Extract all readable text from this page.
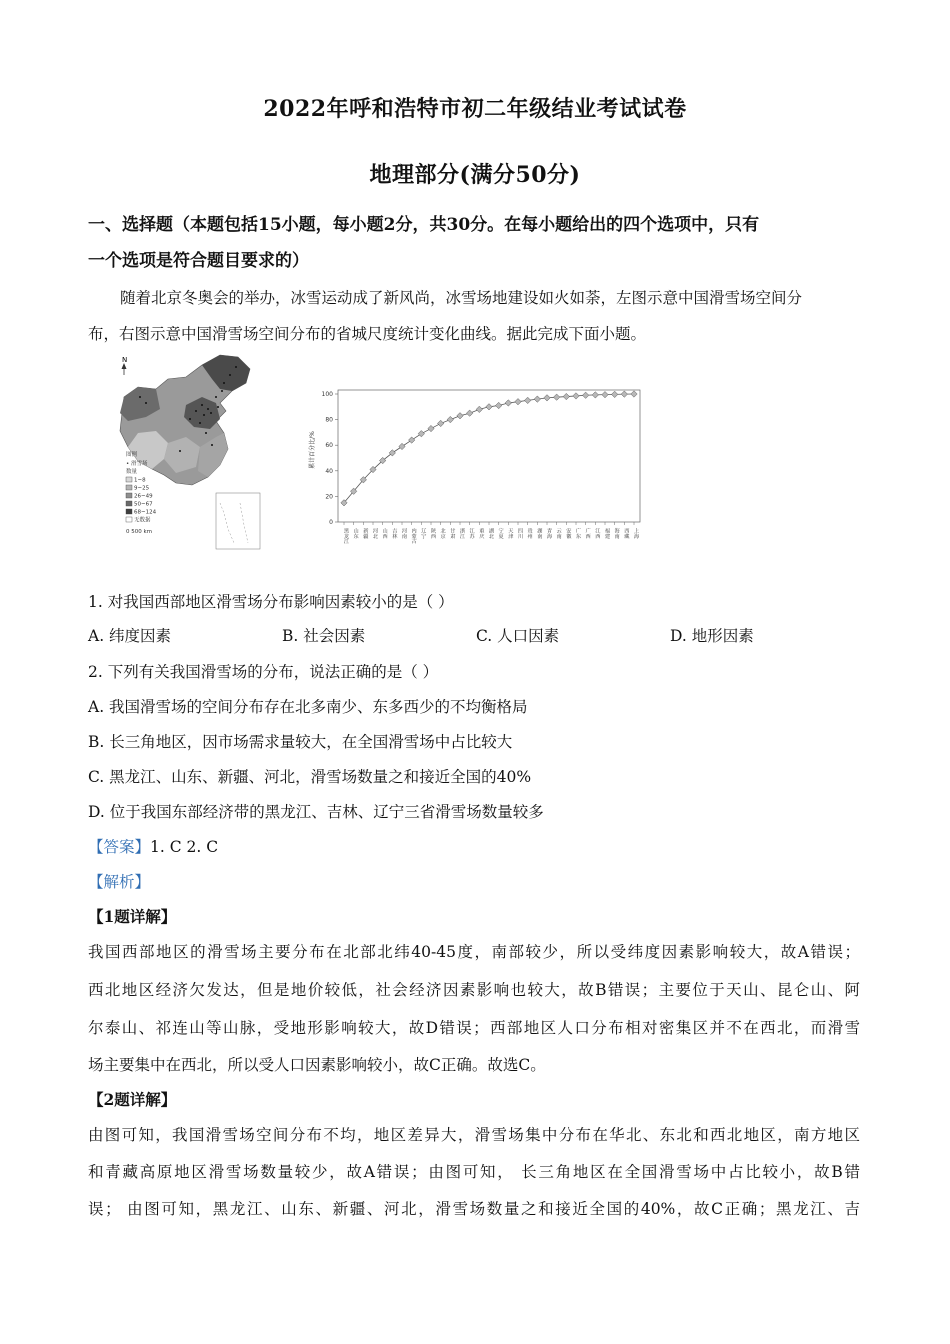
2022年呼和浩特市初二年级结业考试试卷
地理部分(满分50分)
一、选择题（本题包括15小题，每小题2分，共30分。在每小题给出的四个选项中，只有
一个选项是符合题目要求的）
随着北京冬奥会的举办，冰雪运动成了新风尚，冰雪场地建设如火如荼，左图示意中国滑雪场空间分
布，右图示意中国滑雪场空间分布的省城尺度统计变化曲线。据此完成下面小题。
N
图例
• 滑雪场
数量
1~8
9~25
26~49
50~67
68~124
无数据
0 500 km
累计百分比/%
0
20
40
60
80
100
黑龙江 山东 新疆 河北 山西 吉林 河南 内蒙古 辽宁 陕西 北京 甘肃 浙江 江苏 重庆 湖北 宁夏 天津 四川 贵州 湖南 青海 云南 安徽 广东 广西 江西 福建 海南 西藏 上海
1. 对我国西部地区滑雪场分布影响因素较小的是（ ）
A. 纬度因素	B. 社会因素	C. 人口因素	D. 地形因素
2. 下列有关我国滑雪场的分布，说法正确的是（ ）
A. 我国滑雪场的空间分布存在北多南少、东多西少的不均衡格局
B. 长三角地区，因市场需求量较大，在全国滑雪场中占比较大
C. 黑龙江、山东、新疆、河北，滑雪场数量之和接近全国的40%
D. 位于我国东部经济带的黑龙江、吉林、辽宁三省滑雪场数量较多
【答案】1. C 2. C
【解析】
【1题详解】
我国西部地区的滑雪场主要分布在北部北纬40-45度，南部较少，所以受纬度因素影响较大，故A错误；
西北地区经济欠发达，但是地价较低，社会经济因素影响也较大，故B错误；主要位于天山、昆仑山、阿
尔泰山、祁连山等山脉，受地形影响较大，故D错误；西部地区人口分布相对密集区并不在西北，而滑雪
场主要集中在西北，所以受人口因素影响较小，故C正确。故选C。
【2题详解】
由图可知，我国滑雪场空间分布不均，地区差异大，滑雪场集中分布在华北、东北和西北地区，南方地区
和青藏高原地区滑雪场数量较少，故A错误；由图可知， 长三角地区在全国滑雪场中占比较小，故B错
误； 由图可知，黑龙江、山东、新疆、河北，滑雪场数量之和接近全国的40%，故C正确；黑龙江、吉
